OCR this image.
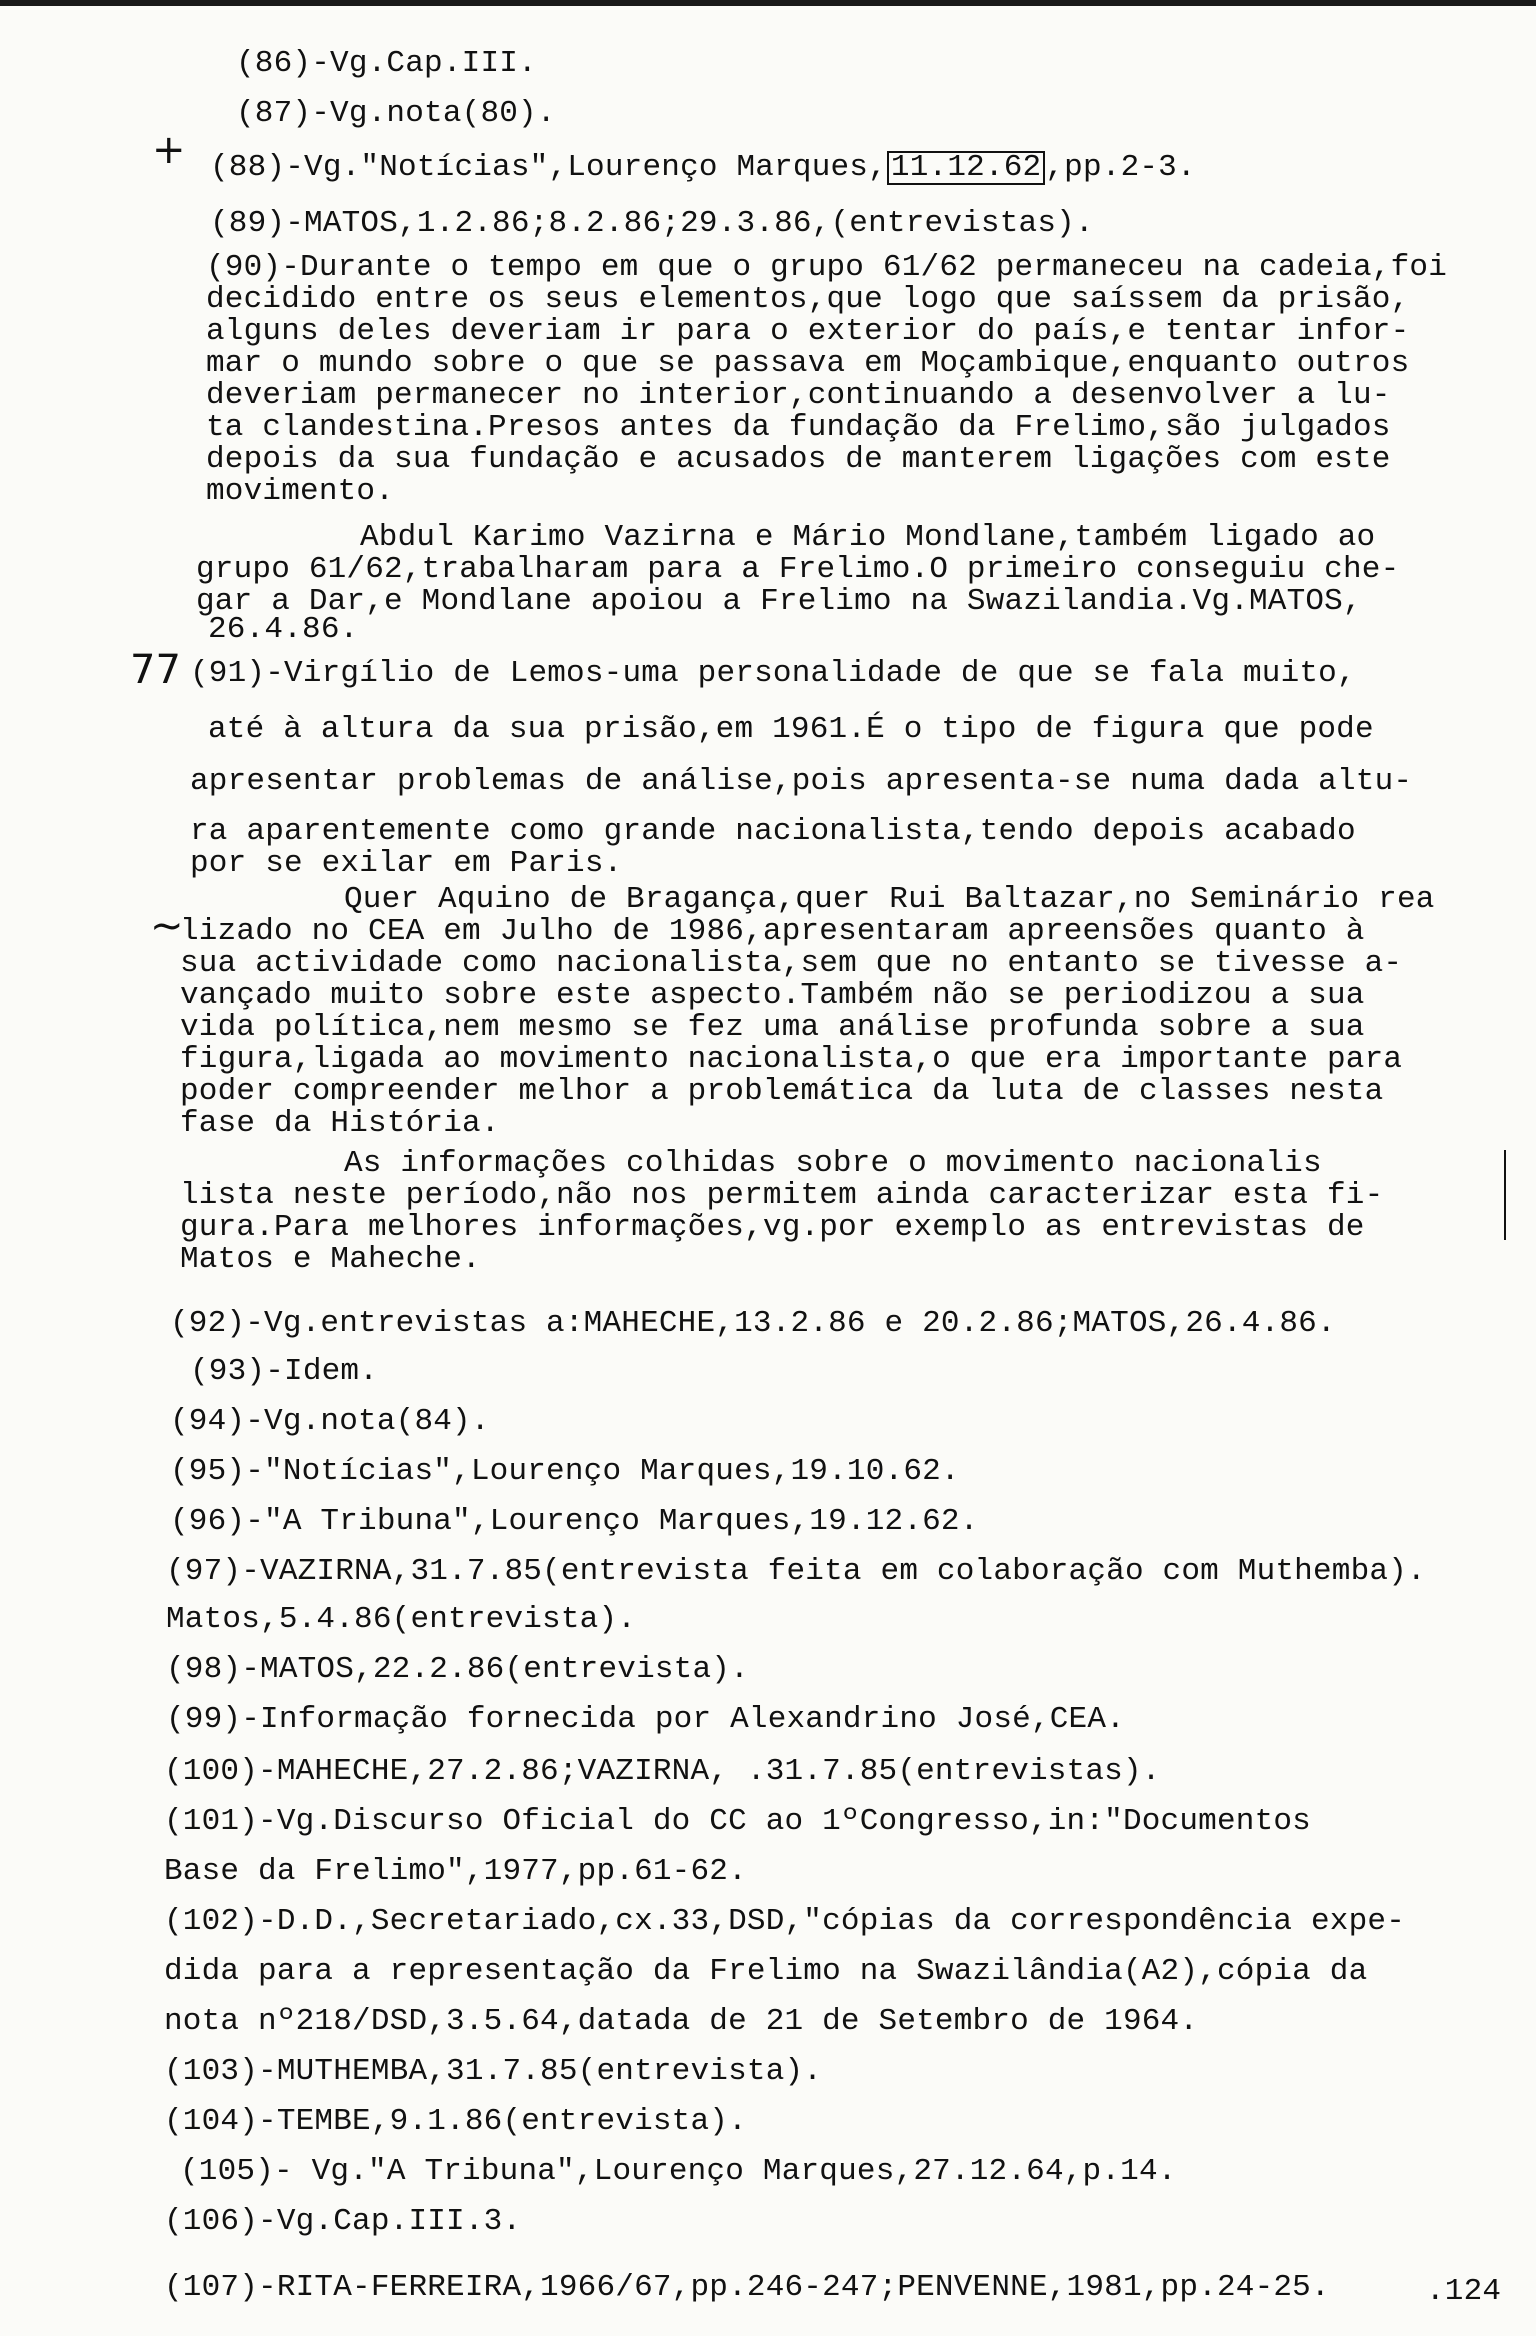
(86)-Vg.Cap.III.
(87)-Vg.nota(80).
+ (88)-Vg."Notícias",Lourenço Marques, 11.12.62 ,pp.2-3.
(89)-MATOS,1.2.86;8.2.86;29.3.86,(entrevistas).
(90)-Durante o tempo em que o grupo 61/62 permaneceu na cadeia,foi
decidido entre os seus elementos,que logo que saíssem da prisão,
alguns deles deveriam ir para o exterior do país,e tentar infor-
mar o mundo sobre o que se passava em Moçambique,enquanto outros
deveriam permanecer no interior,continuando a desenvolver a lu-
ta clandestina.Presos antes da fundação da Frelimo,são julgados
depois da sua fundação e acusados de manterem ligações com este
movimento.
Abdul Karimo Vazirna e Mário Mondlane,também ligado ao
grupo 61/62,trabalharam para a Frelimo.O primeiro conseguiu che-
gar a Dar,e Mondlane apoiou a Frelimo na Swazilandia.Vg.MATOS,
26.4.86.
77 (91)-Virgílio de Lemos-uma personalidade de que se fala muito,
até à altura da sua prisão,em 1961.É o tipo de figura que pode
apresentar problemas de análise,pois apresenta-se numa dada altu-
ra aparentemente como grande nacionalista,tendo depois acabado
por se exilar em Paris.
~
Quer Aquino de Bragança,quer Rui Baltazar,no Seminário rea
lizado no CEA em Julho de 1986,apresentaram apreensões quanto à
sua actividade como nacionalista,sem que no entanto se tivesse a-
vançado muito sobre este aspecto.Também não se periodizou a sua
vida política,nem mesmo se fez uma análise profunda sobre a sua
figura,ligada ao movimento nacionalista,o que era importante para
poder compreender melhor a problemática da luta de classes nesta
fase da História.
As informações colhidas sobre o movimento nacionalis
lista neste período,não nos permitem ainda caracterizar esta fi-
gura.Para melhores informações,vg.por exemplo as entrevistas de
Matos e Maheche.
(92)-Vg.entrevistas a:MAHECHE,13.2.86 e 20.2.86;MATOS,26.4.86.
(93)-Idem.
(94)-Vg.nota(84).
(95)-"Notícias",Lourenço Marques,19.10.62.
(96)-"A Tribuna",Lourenço Marques,19.12.62.
(97)-VAZIRNA,31.7.85(entrevista feita em colaboração com Muthemba).
Matos,5.4.86(entrevista).
(98)-MATOS,22.2.86(entrevista).
(99)-Informação fornecida por Alexandrino José,CEA.
(100)-MAHECHE,27.2.86;VAZIRNA, .31.7.85(entrevistas).
(101)-Vg.Discurso Oficial do CC ao 1ºCongresso,in:"Documentos
Base da Frelimo",1977,pp.61-62.
(102)-D.D.,Secretariado,cx.33,DSD,"cópias da correspondência expe-
dida para a representação da Frelimo na Swazilândia(A2),cópia da
nota nº218/DSD,3.5.64,datada de 21 de Setembro de 1964.
(103)-MUTHEMBA,31.7.85(entrevista).
(104)-TEMBE,9.1.86(entrevista).
(105)- Vg."A Tribuna",Lourenço Marques,27.12.64,p.14.
(106)-Vg.Cap.III.3.
(107)-RITA-FERREIRA,1966/67,pp.246-247;PENVENNE,1981,pp.24-25.	.124
